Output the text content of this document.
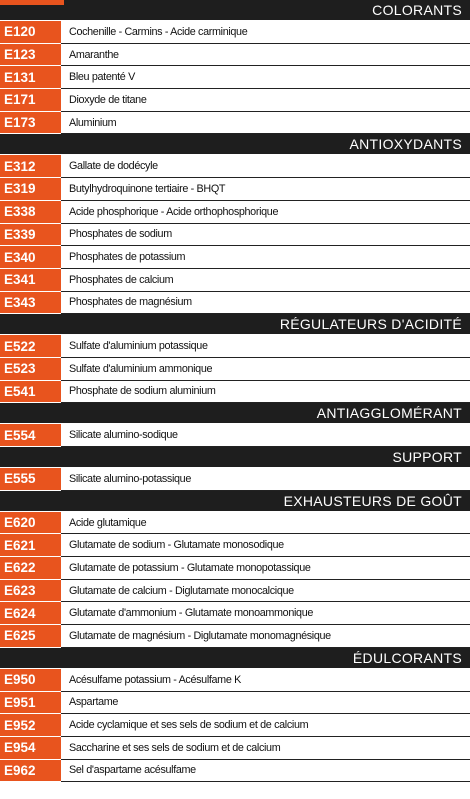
COLORANTS
E120	Cochenille - Carmins - Acide carminique
E123	Amaranthe
E131	Bleu patenté V
E171	Dioxyde de titane
E173	Aluminium
ANTIOXYDANTS
E312	Gallate de dodécyle
E319	Butylhydroquinone tertiaire - BHQT
E338	Acide phosphorique - Acide orthophosphorique
E339	Phosphates de sodium
E340	Phosphates de potassium
E341	Phosphates de calcium
E343	Phosphates de magnésium
RÉGULATEURS D'ACIDITÉ
E522	Sulfate d'aluminium potassique
E523	Sulfate d'aluminium ammonique
E541	Phosphate de sodium aluminium
ANTIAGGLOMÉRANT
E554	Silicate alumino-sodique
SUPPORT
E555	Silicate alumino-potassique
EXHAUSTEURS DE GOÛT
E620	Acide glutamique
E621	Glutamate de sodium - Glutamate monosodique
E622	Glutamate de potassium - Glutamate monopotassique
E623	Glutamate de calcium - Diglutamate monocalcique
E624	Glutamate d'ammonium - Glutamate monoammonique
E625	Glutamate de magnésium - Diglutamate monomagnésique
ÉDULCORANTS
E950	Acésulfame potassium - Acésulfame K
E951	Aspartame
E952	Acide cyclamique et ses sels de sodium et de calcium
E954	Saccharine et ses sels de sodium et de calcium
E962	Sel d'aspartame acésulfame
